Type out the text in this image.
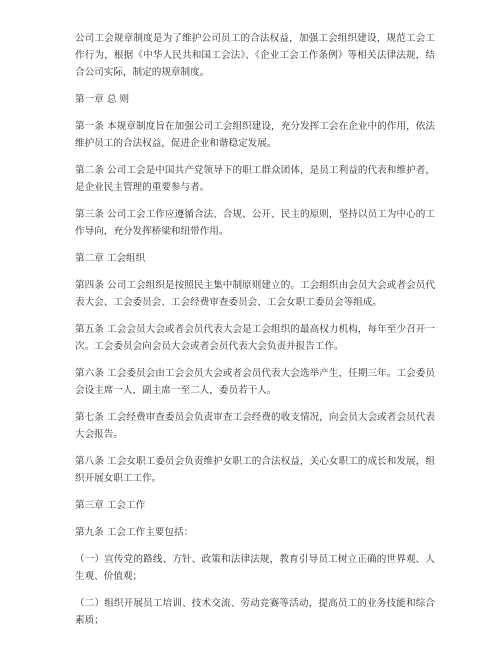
公司工会规章制度是为了维护公司员工的合法权益，加强工会组织建设，规范工会工作行为，根据《中华人民共和国工会法》、《企业工会工作条例》等相关法律法规，结合公司实际，制定的规章制度。

第一章 总 则

第一条 本规章制度旨在加强公司工会组织建设，充分发挥工会在企业中的作用，依法维护员工的合法权益，促进企业和谐稳定发展。

第二条 公司工会是中国共产党领导下的职工群众团体，是员工利益的代表和维护者，是企业民主管理的重要参与者。

第三条 公司工会工作应遵循合法、合规、公开、民主的原则，坚持以员工为中心的工作导向，充分发挥桥梁和纽带作用。

第二章 工会组织

第四条 公司工会组织是按照民主集中制原则建立的。工会组织由会员大会或者会员代表大会、工会委员会、工会经费审查委员会、工会女职工委员会等组成。

第五条 工会会员大会或者会员代表大会是工会组织的最高权力机构，每年至少召开一次。工会委员会向会员大会或者会员代表大会负责并报告工作。

第六条 工会委员会由工会会员大会或者会员代表大会选举产生，任期三年。工会委员会设主席一人，副主席一至二人，委员若干人。

第七条 工会经费审查委员会负责审查工会经费的收支情况，向会员大会或者会员代表大会报告。

第八条 工会女职工委员会负责维护女职工的合法权益，关心女职工的成长和发展，组织开展女职工工作。

第三章 工会工作

第九条 工会工作主要包括：

（一）宣传党的路线、方针、政策和法律法规，教育引导员工树立正确的世界观、人生观、价值观；

（二）组织开展员工培训、技术交流、劳动竞赛等活动，提高员工的业务技能和综合素质；
